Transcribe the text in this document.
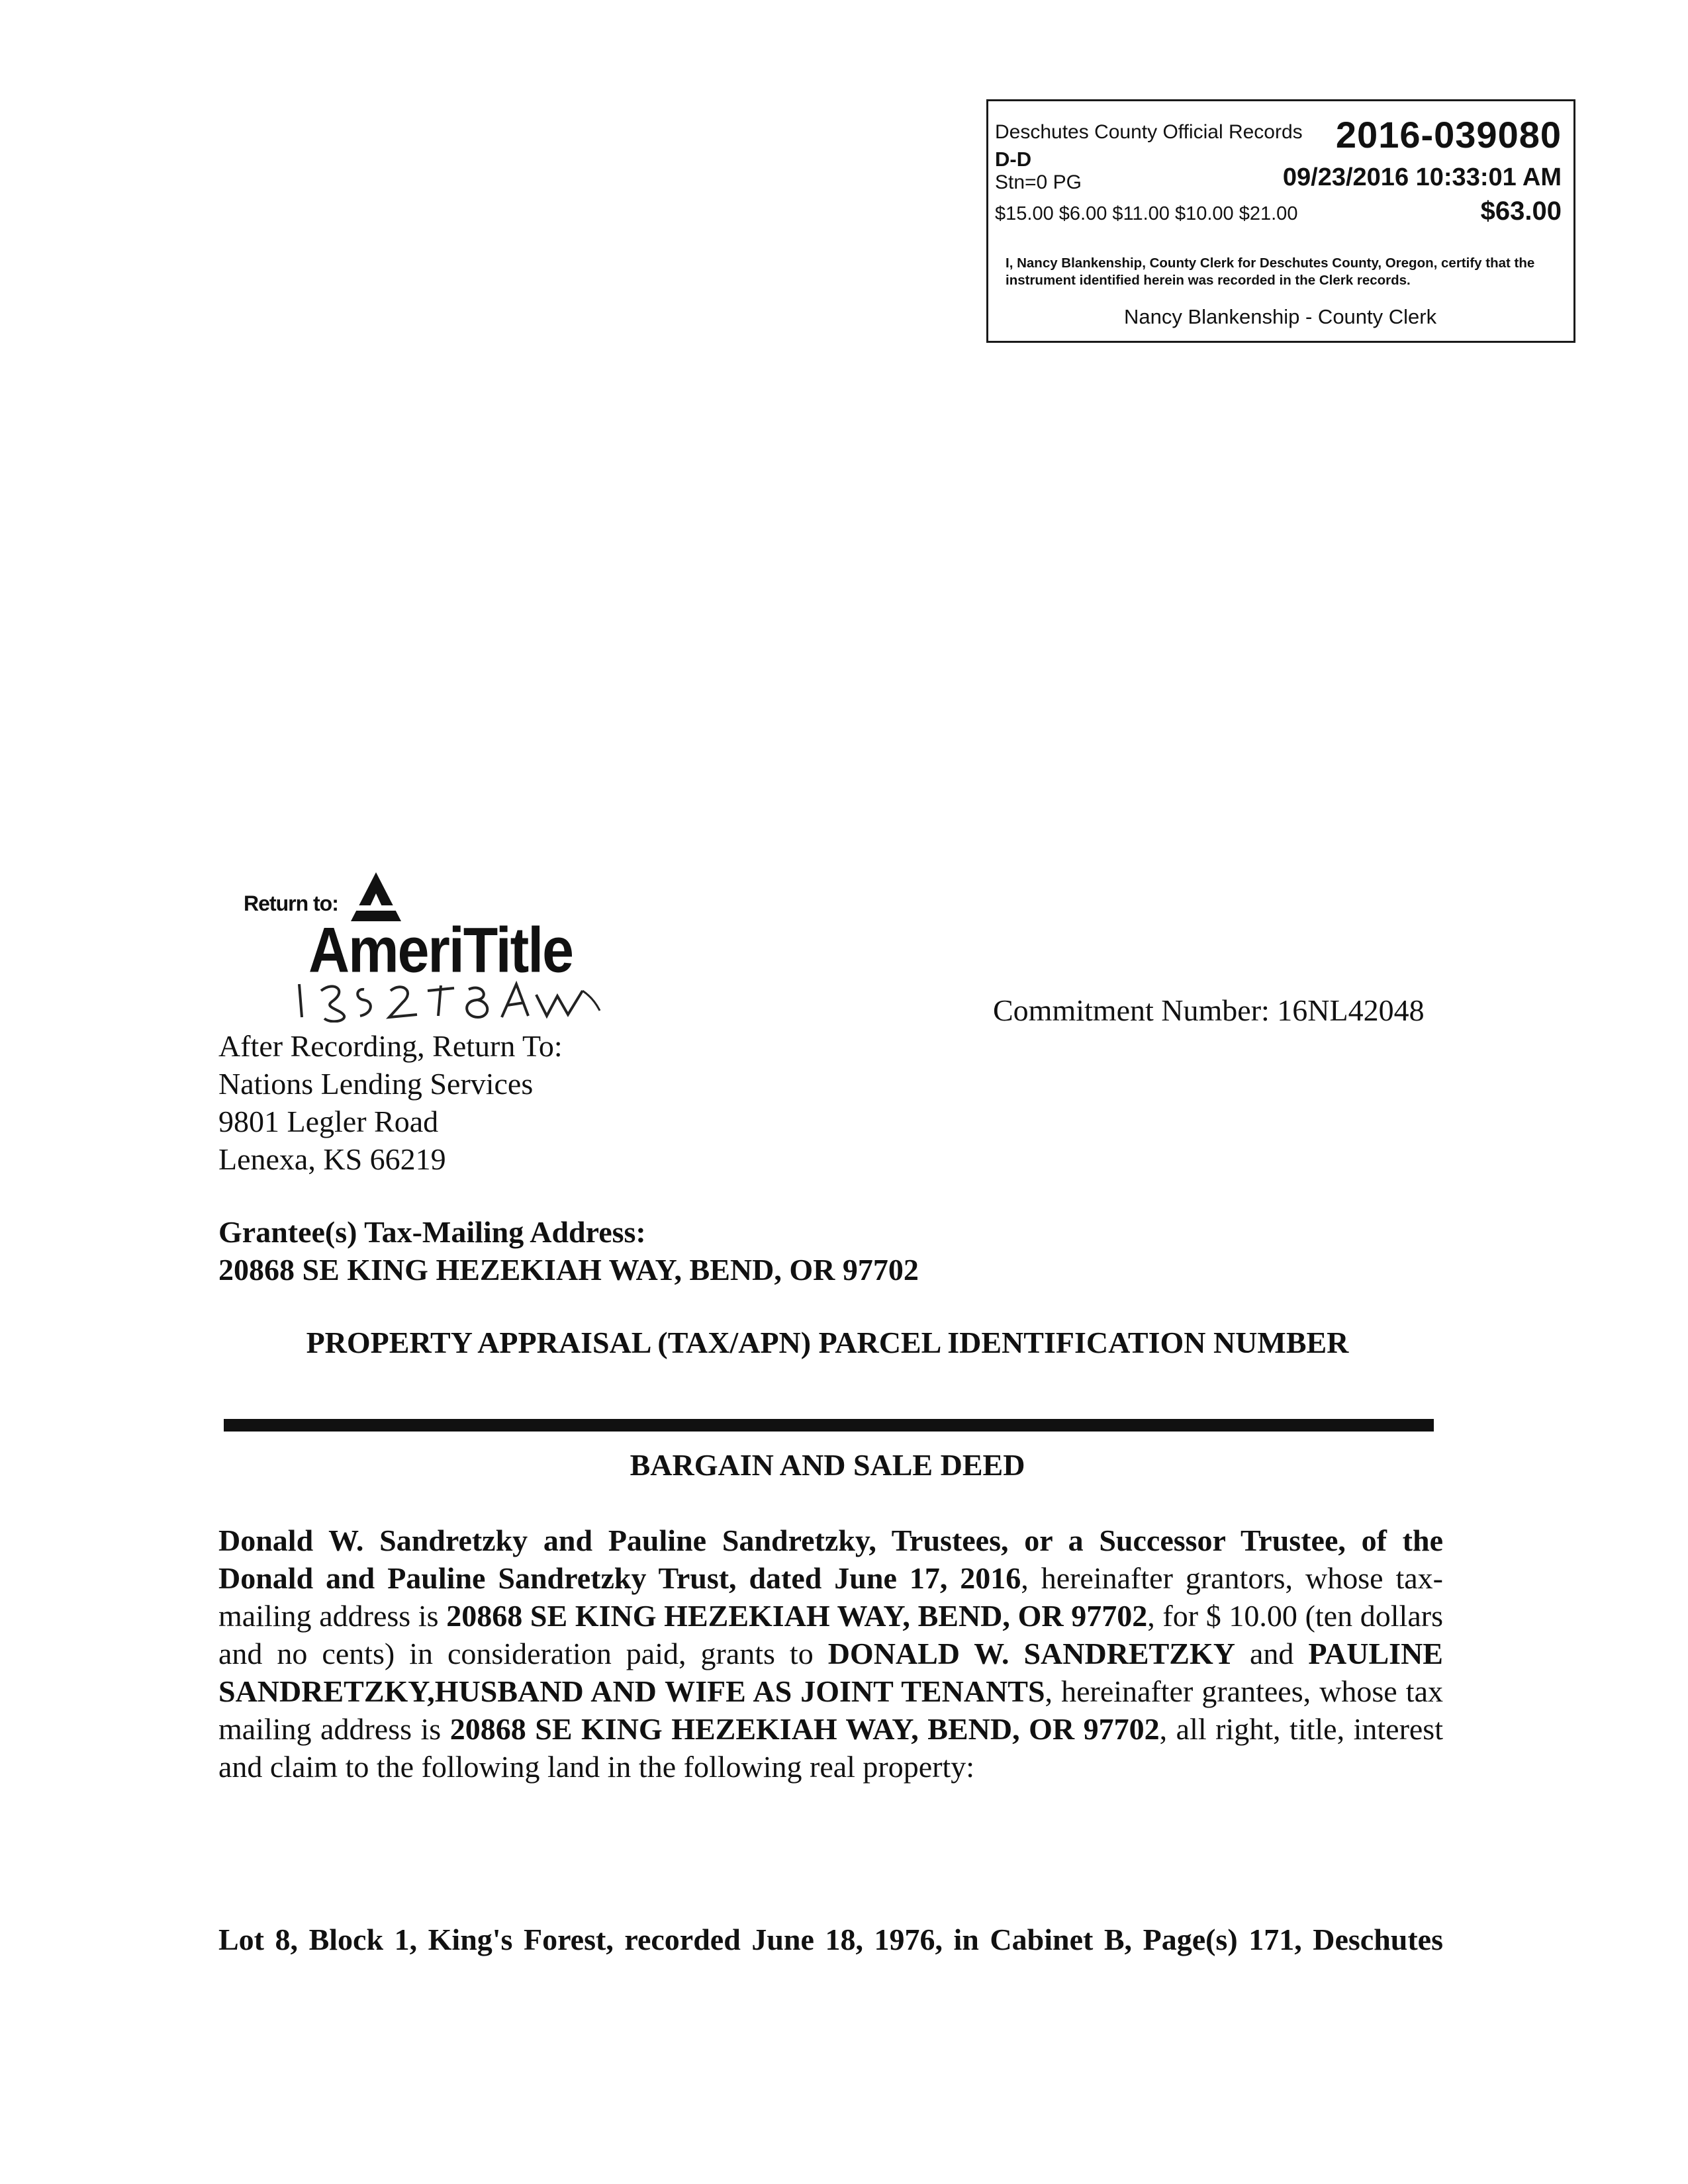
Deschutes County Official Records 2016-039080
D-D
Stn=0 PG	09/23/2016 10:33:01 AM
$15.00 $6.00 $11.00 $10.00 $21.00	$63.00
I, Nancy Blankenship, County Clerk for Deschutes County, Oregon, certify that the instrument identified herein was recorded in the Clerk records.
Nancy Blankenship - County Clerk
Return to:
AmeriTitle
Commitment Number: 16NL42048
After Recording, Return To:
Nations Lending Services
9801 Legler Road
Lenexa, KS 66219
Grantee(s) Tax-Mailing Address:
20868 SE KING HEZEKIAH WAY, BEND, OR 97702
PROPERTY APPRAISAL (TAX/APN) PARCEL IDENTIFICATION NUMBER
BARGAIN AND SALE DEED
Donald W. Sandretzky and Pauline Sandretzky, Trustees, or a Successor Trustee, of the
Donald and Pauline Sandretzky Trust, dated June 17, 2016, hereinafter grantors, whose tax-
mailing address is 20868 SE KING HEZEKIAH WAY, BEND, OR 97702, for $ 10.00 (ten dollars
and no cents) in consideration paid, grants to DONALD W. SANDRETZKY and PAULINE
SANDRETZKY,HUSBAND AND WIFE AS JOINT TENANTS, hereinafter grantees, whose tax
mailing address is 20868 SE KING HEZEKIAH WAY, BEND, OR 97702, all right, title, interest
and claim to the following land in the following real property:
Lot 8, Block 1, King's Forest, recorded June 18, 1976, in Cabinet B, Page(s) 171, Deschutes
